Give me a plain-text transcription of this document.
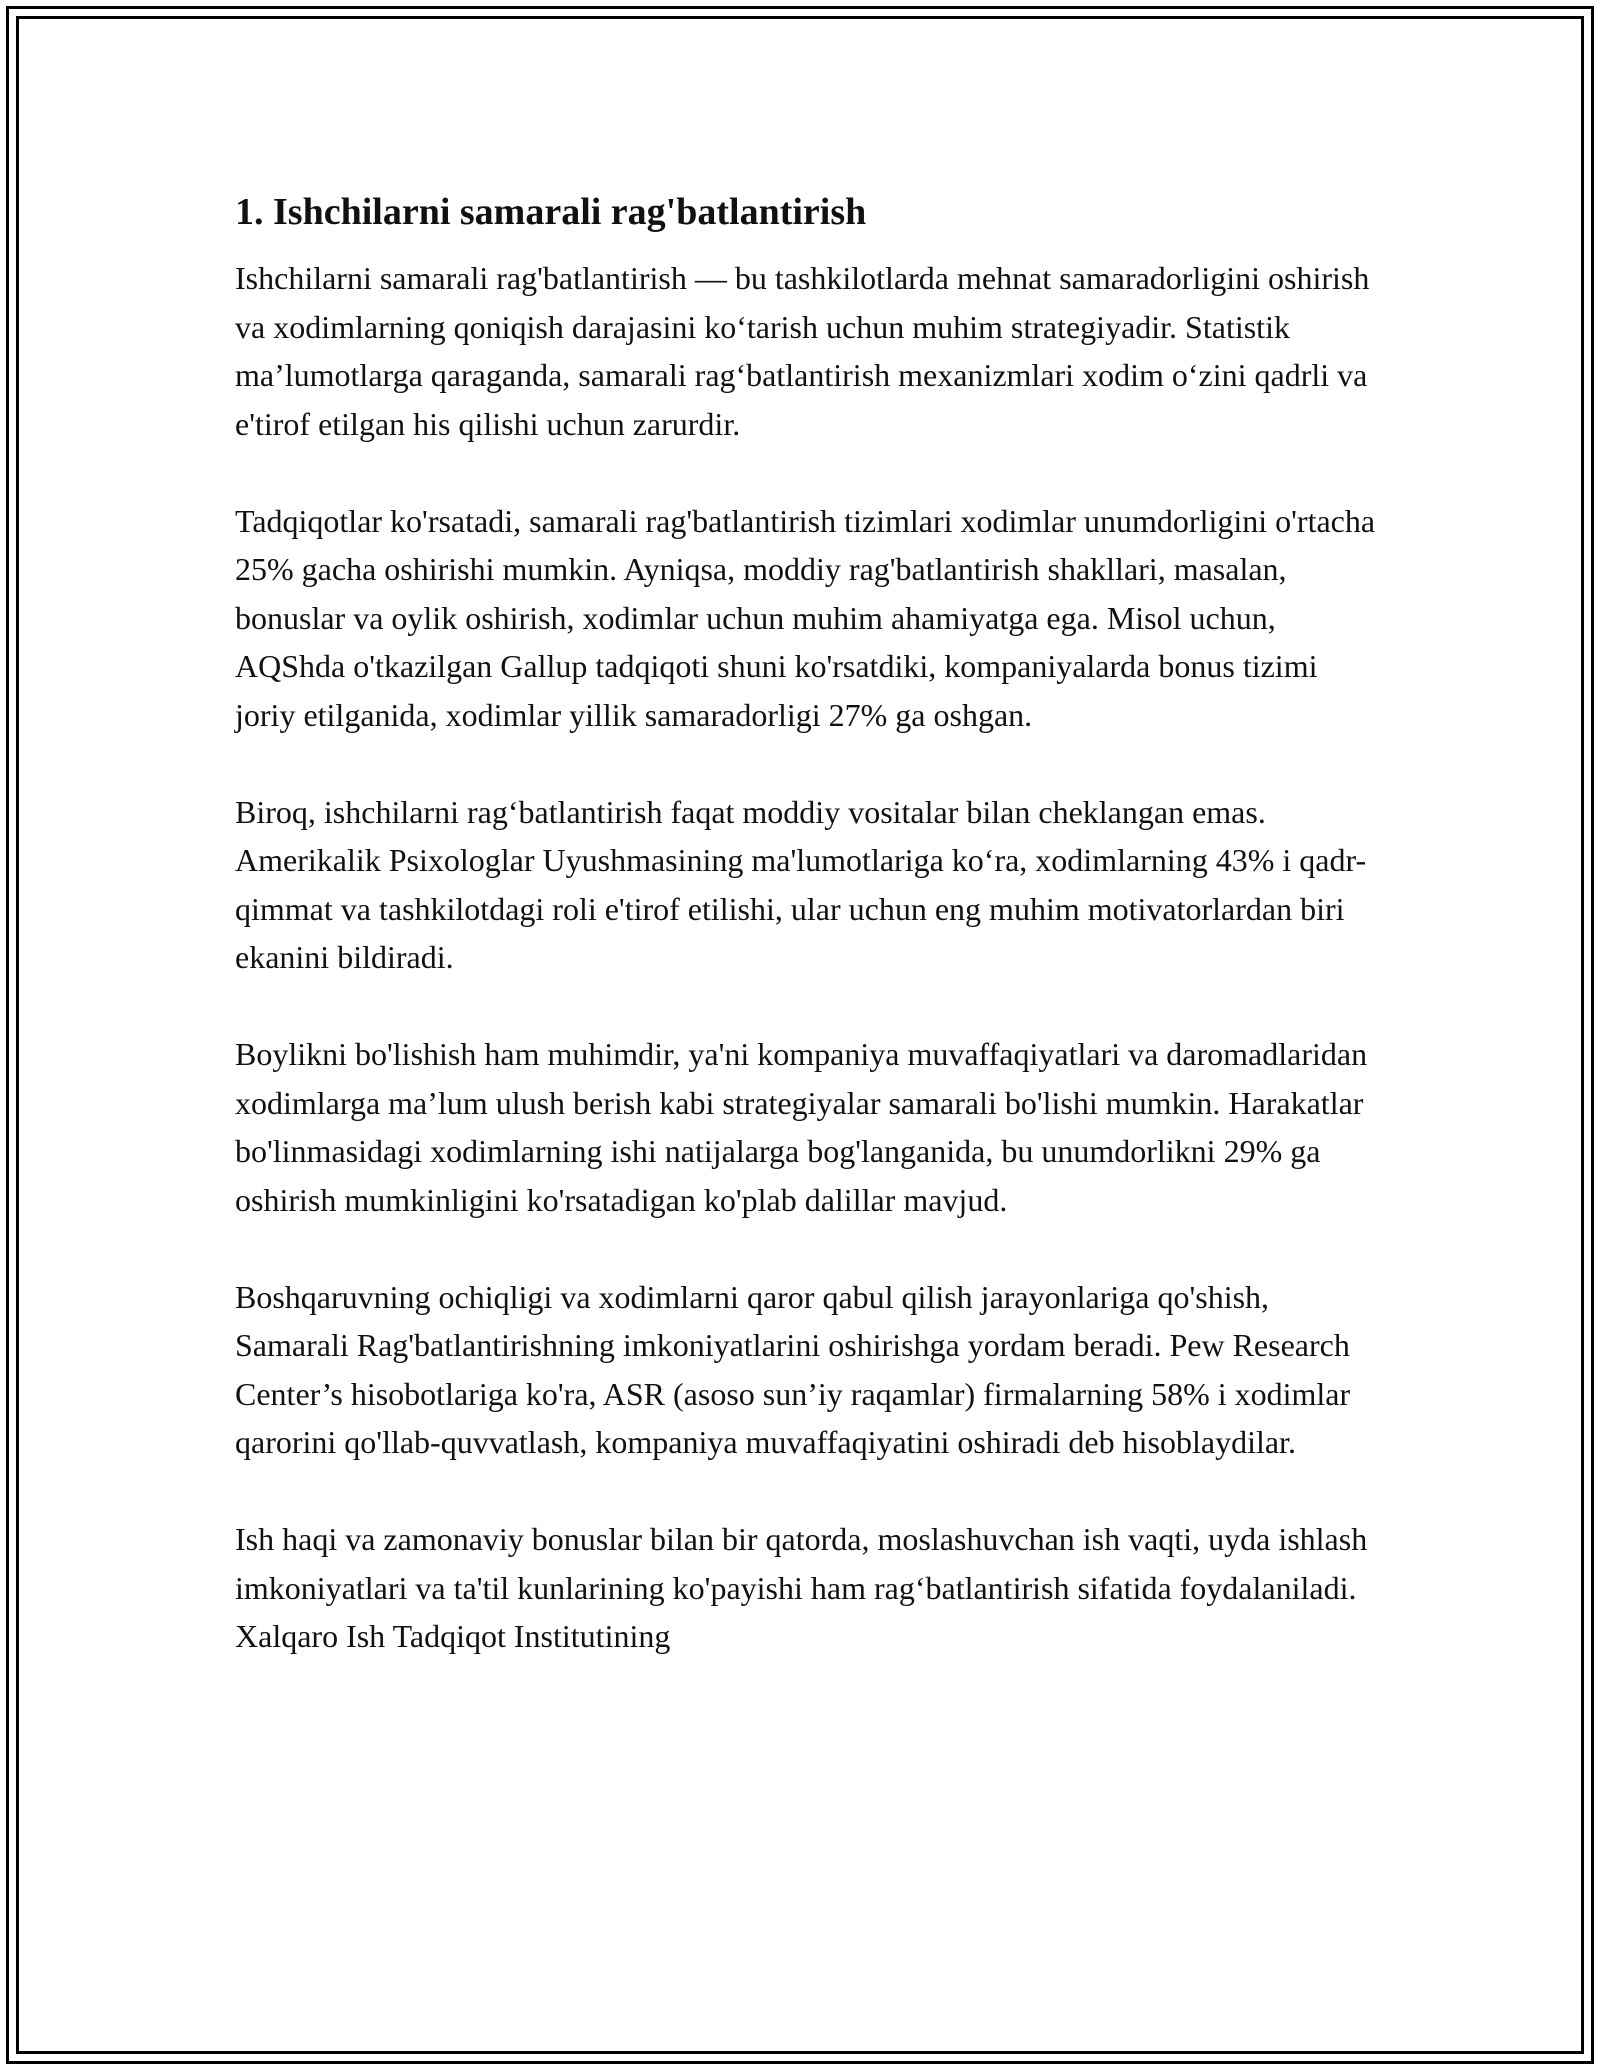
1. Ishchilarni samarali rag'batlantirish

Ishchilarni samarali rag'batlantirish — bu tashkilotlarda mehnat samaradorligini oshirish va xodimlarning qoniqish darajasini koʻtarish uchun muhim strategiyadir. Statistik ma’lumotlarga qaraganda, samarali ragʻbatlantirish mexanizmlari xodim oʻzini qadrli va e'tirof etilgan his qilishi uchun zarurdir.

Tadqiqotlar ko'rsatadi, samarali rag'batlantirish tizimlari xodimlar unumdorligini o'rtacha 25% gacha oshirishi mumkin. Ayniqsa, moddiy rag'batlantirish shakllari, masalan, bonuslar va oylik oshirish, xodimlar uchun muhim ahamiyatga ega. Misol uchun, AQShda o'tkazilgan Gallup tadqiqoti shuni ko'rsatdiki, kompaniyalarda bonus tizimi joriy etilganida, xodimlar yillik samaradorligi 27% ga oshgan.

Biroq, ishchilarni ragʻbatlantirish faqat moddiy vositalar bilan cheklangan emas. Amerikalik Psixologlar Uyushmasining ma'lumotlariga koʻra, xodimlarning 43% i qadr-qimmat va tashkilotdagi roli e'tirof etilishi, ular uchun eng muhim motivatorlardan biri ekanini bildiradi.

Boylikni bo'lishish ham muhimdir, ya'ni kompaniya muvaffaqiyatlari va daromadlaridan xodimlarga ma’lum ulush berish kabi strategiyalar samarali bo'lishi mumkin. Harakatlar bo'linmasidagi xodimlarning ishi natijalarga bog'langanida, bu unumdorlikni 29% ga oshirish mumkinligini ko'rsatadigan ko'plab dalillar mavjud.

Boshqaruvning ochiqligi va xodimlarni qaror qabul qilish jarayonlariga qo'shish, Samarali Rag'batlantirishning imkoniyatlarini oshirishga yordam beradi. Pew Research Center’s hisobotlariga ko'ra, ASR (asoso sun’iy raqamlar) firmalarning 58% i xodimlar qarorini qo'llab-quvvatlash, kompaniya muvaffaqiyatini oshiradi deb hisoblaydilar.

Ish haqi va zamonaviy bonuslar bilan bir qatorda, moslashuvchan ish vaqti, uyda ishlash imkoniyatlari va ta'til kunlarining ko'payishi ham ragʻbatlantirish sifatida foydalaniladi. Xalqaro Ish Tadqiqot Institutining
